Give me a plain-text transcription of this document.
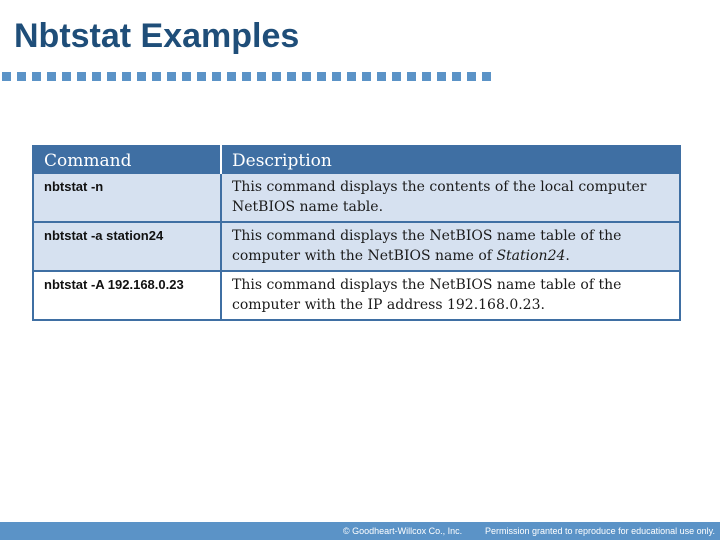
Nbtstat Examples
Command	Description
nbtstat -n	This command displays the contents of the local computer
NetBIOS name table.

nbtstat -a station24	This command displays the NetBIOS name table of the
computer with the NetBIOS name of Station24.

nbtstat -A 192.168.0.23	This command displays the NetBIOS name table of the
computer with the IP address 192.168.0.23.
© Goodheart-Willcox Co., Inc.	Permission granted to reproduce for educational use only.
